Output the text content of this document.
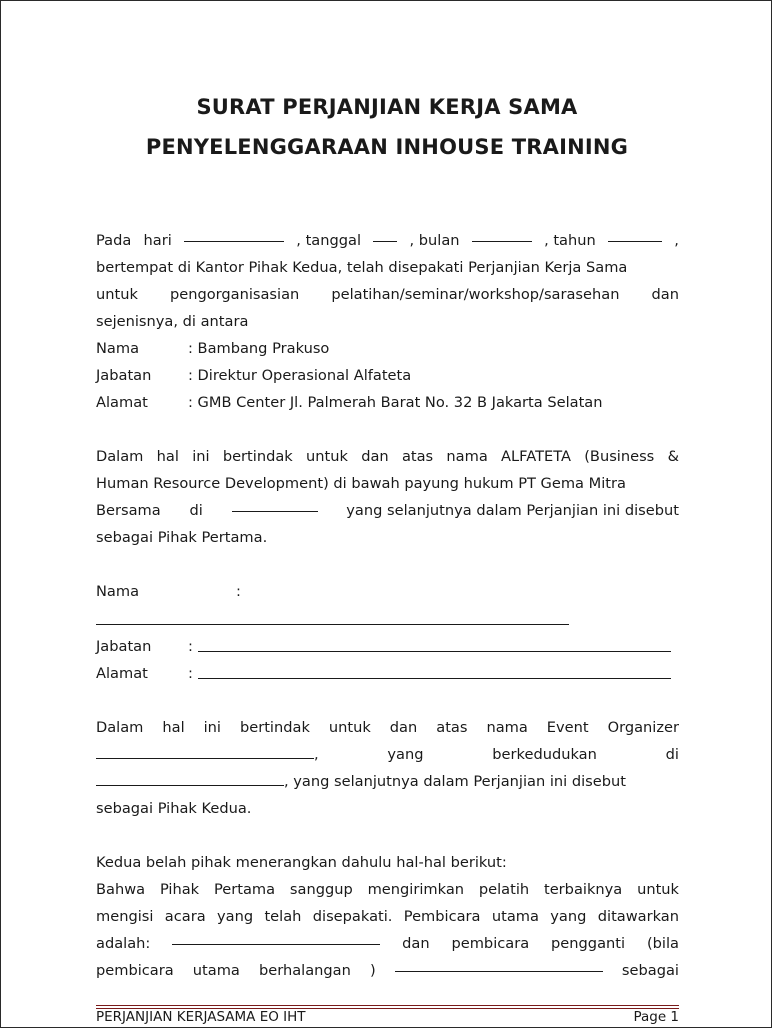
SURAT PERJANJIAN KERJA SAMA
PENYELENGGARAAN INHOUSE TRAINING
Pada hari	, tanggal	, bulan	, tahun	,
bertempat di Kantor Pihak Kedua, telah disepakati Perjanjian Kerja Sama
untuk pengorganisasian pelatihan/seminar/workshop/sarasehan dan
sejenisnya, di antara
Nama	: Bambang Prakuso
Jabatan	: Direktur Operasional Alfateta
Alamat	: GMB Center Jl. Palmerah Barat No. 32 B Jakarta Selatan
Dalam hal ini bertindak untuk dan atas nama ALFATETA (Business &
Human Resource Development) di bawah payung hukum PT Gema Mitra
Bersama di	yang selanjutnya dalam Perjanjian ini disebut
sebagai Pihak Pertama.
Nama	:
Jabatan	:
Alamat	:
Dalam hal ini bertindak untuk dan atas nama Event Organizer
,	yang	berkedudukan	di
, yang selanjutnya dalam Perjanjian ini disebut
sebagai Pihak Kedua.
Kedua belah pihak menerangkan dahulu hal-hal berikut:
Bahwa Pihak Pertama sanggup mengirimkan pelatih terbaiknya untuk
mengisi acara yang telah disepakati. Pembicara utama yang ditawarkan
adalah:	dan pembicara pengganti (bila
pembicara utama berhalangan )	sebagai
PERJANJIAN KERJASAMA EO IHT	Page 1
